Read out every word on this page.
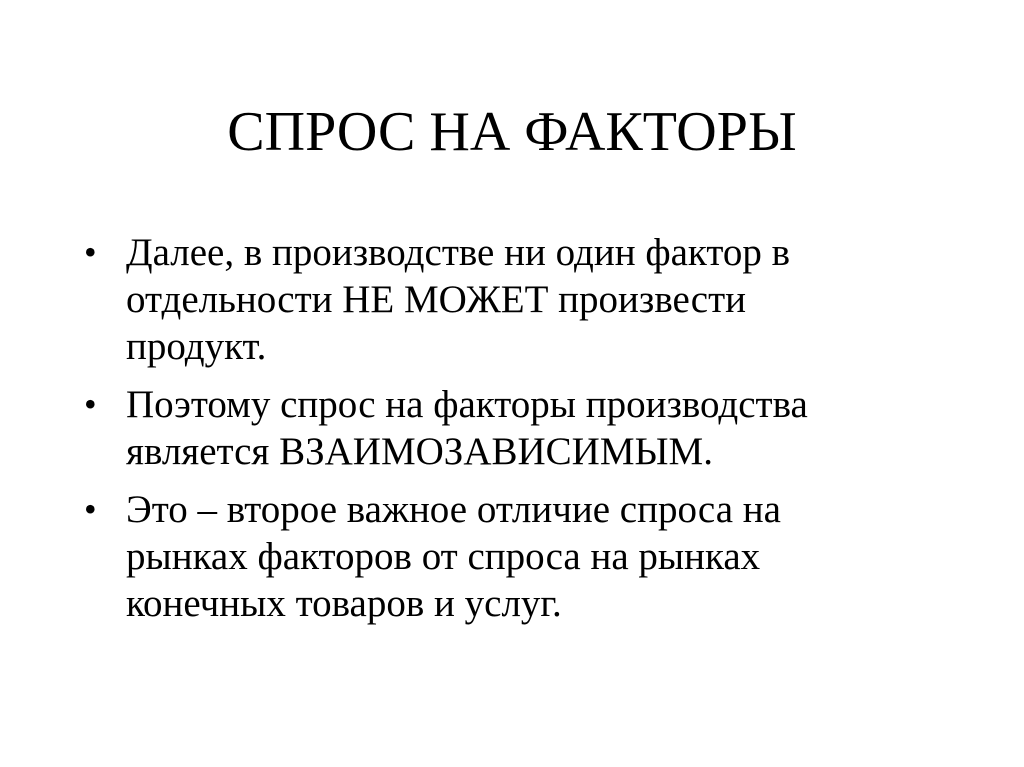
СПРОС НА ФАКТОРЫ
• Далее, в производстве ни один фактор в
отдельности НЕ МОЖЕТ произвести
продукт.
• Поэтому спрос на факторы производства
является ВЗАИМОЗАВИСИМЫМ.
• Это – второе важное отличие спроса на
рынках факторов от спроса на рынках
конечных товаров и услуг.
